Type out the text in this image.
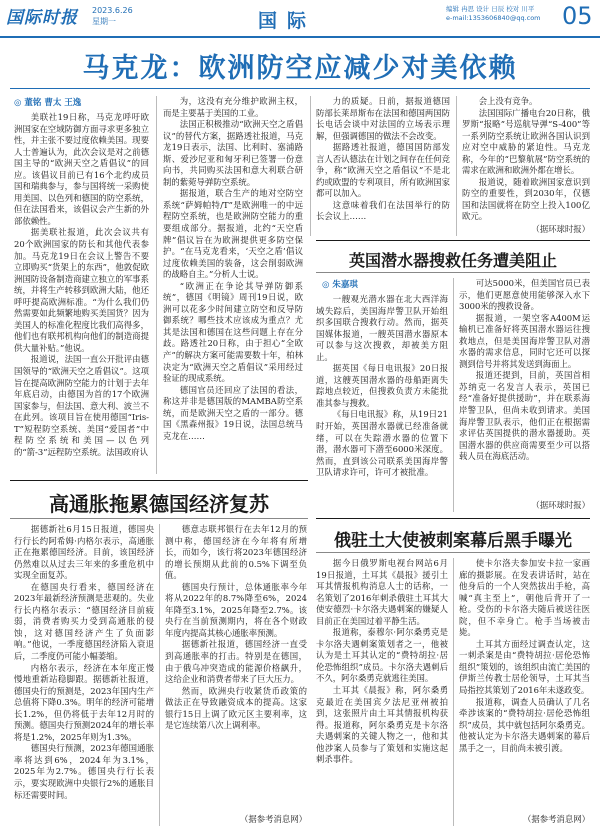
国际时报 2023.6.26
星期一	国际
编辑 冉思 设计 日辰 校对 川平
e-mail:1353606840@qq.com 05
马克龙：欧洲防空应减少对美依赖
◎ 董铭 曹太 王逸

美联社19日称，马克龙呼吁欧洲国家在空域防御方面寻求更多独立性，并主张不要过度依赖美国。现要人士普遍认为，此次会议是对之前德国主导的“欧洲天空之盾倡议”的回应。该倡议目前已有16个北约成员国和瑞典参与，参与国将统一采购使用美国、以色列和德国的防空系统，但在法国看来，该倡议会产生新的外部依赖性。

据美联社报道，此次会议共有20个欧洲国家的防长和其他代表参加。马克龙19日在会议上警告不要立即购买“货架上的东西”，他敦促欧洲国防设备制造商建立独立的军事系统，并将生产转移到欧洲大陆，他还呼吁提高欧洲标准。“为什么我们仍然需要如此频繁地购买美国货？因为美国人的标准化程度比我们高得多，他们也有联邦机构向他们的制造商提供大量补贴。”他说。

报道说，法国一直公开批评由德国领导的“欧洲天空之盾倡议”。这项旨在提高欧洲防空能力的计划于去年年底启动，由德国为首的17个欧洲国家参与，但法国、意大利、波兰不在此列。该项目旨在使用德国“Iris-T”短程防空系统、美国“爱国者”中程防空系统和美国—以色列的“箭-3”远程防空系统。法国政府认

为，这没有充分维护欧洲主权，而是主要基于美国的工业。

法国正积极推动“欧洲天空之盾倡议”的替代方案，据路透社报道，马克龙19日表示，法国、比利时、塞浦路斯、爱沙尼亚和匈牙利已签署一份意向书，共同购买法国和意大利联合研制的紫菀导弹防空系统。

据报道，联合生产的地对空防空系统“萨姆帕特/T”是欧洲唯一的中远程防空系统，也是欧洲防空能力的重要组成部分。据报道，北约“天空盾牌”倡议旨在为欧洲提供更多防空保护。“在马克龙看来，‘天空之盾’倡议过度依赖美国的装备，这会削弱欧洲的战略自主。”分析人士说。

“欧洲正在争论其导弹防御系统”，德国《明镜》周刊19日说，欧洲可以花多少时间建立防空和反导防御系统？哪些技术应该成为重点？尤其是法国和德国在这些问题上存在分歧。路透社20日称，由于担心“全欧产”的解决方案可能需要数十年，柏林决定为“欧洲天空之盾倡议”采用经过验证的现成系统。

德国官员还回应了法国的看法，称这并非是德国版的MAMBA防空系统，而是欧洲天空之盾的一部分。德国《黑森州报》19日说，法国总统马克龙在……

力的质疑。日前，据报道德国防部长莱昂斯布在法国和德国两国防长电话会谈中对法国的立场表示理解，但强调德国的做法不会改变。

据路透社报道，德国国防部发言人否认德法在计划之间存在任何竞争，称“欧洲天空之盾倡议”不是北约或欧盟的专利项目，所有欧洲国家都可以加入。

这意味着我们在法国举行的防长会议上……

会上没有竞争。

法国国际广播电台20日称，俄罗斯“报略”号巡航导弹“S-400”等一系列防空系统让欧洲各国认识到应对空中威胁的紧迫性。马克龙称，今年的“巴黎航展”防空系统的需求在欧洲和欧洲外都在增长。

报道说，随着欧洲国家意识到防空的重要性，到2030年，仅德国和法国就将在防空上投入100亿欧元。

（据环球时报）
英国潜水器搜救任务遭美阻止
◎ 朱嘉琪

一艘观光潜水器在北大西洋海域失踪后，美国海岸警卫队开始组织多国联合搜救行动。然而，据英国媒体报道，一艘英国潜水器原本可以参与这次搜救，却被美方阻止。

据英国《每日电讯报》20日报道，这艘英国潜水器的母船距离失踪地点较近，但搜救负责方未能批准其参与搜救。

《每日电讯报》称，从19日21时开始，英国潜水器就已经准备就绪，可以在失踪潜水器的位置下潜，潜水器可下潜至6000米深度。然而，直到该公司联系美国海岸警卫队请求许可，许可才被批准。

可达5000米，但美国官员已表示，他们更愿意使用能够深入水下3000米的搜救设备。

据报道，一架空客A400M运输机已准备好将英国潜水器运往搜救地点，但是美国海岸警卫队对潜水器的需求信息，同时它还可以探测到信号并将其发送到海面上。

报道还提到，目前，英国首相苏纳克一名发言人表示，英国已经“准备好提供援助”，并在联系海岸警卫队，但尚未收到请求。美国海岸警卫队表示，他们正在根据需求评估英国提供的潜水器援助。英国潜水器的供应商需要至少可以搭载人员在海底活动。

（据环球时报）
高通胀拖累德国经济复苏

据德新社6月15日报道，德国央行行长约阿希姆·内格尔表示，高通胀正在拖累德国经济。目前，该国经济仍然难以从过去三年来的多重危机中实现全面复苏。

在德国央行看来，德国经济在2023年最新经济预测是悲观的。失业行长内格尔表示：“德国经济目前疲弱，消费者购买力受到高通胀的侵蚀，这对德国经济产生了负面影响。”他说，一季度德国经济陷入衰退后，二季度仍可能小幅萎缩。

内格尔表示，经济在本年度正慢慢地重新站稳脚跟。据德新社报道，德国央行的预测是，2023年国内生产总值将下降0.3%。明年的经济可能增长1.2%，但仍将低于去年12月时的预测。德国央行预测2024年的增长率将是1.2%，2025年则为1.3%。

德国央行预测，2023年德国通胀率将达到6%，2024年为3.1%，2025年为2.7%。德国央行行长表示，要实现欧洲中央银行2%的通胀目标还需要时间。

德意志联邦银行在去年12月的预测中称，德国经济在今年将有所增长，而如今，该行将2023年德国经济的增长预期从此前的0.5%下调至负值。

德国央行预计，总体通胀率今年将从2022年的8.7%降至6%，2024年降至3.1%，2025年降至2.7%。该央行在当前预测期内，将在各个财政年度内提高其核心通胀率预测。

据德新社报道，德国经济一直受到高通胀率的打击。特别是在德国，由于俄乌冲突造成的能源价格飙升，这给企业和消费者带来了巨大压力。

然而，欧洲央行收紧货币政策的做法正在导致融资成本的提高。这家银行15日上调了欧元区主要利率，这是它连续第八次上调利率。

（据参考消息网）
俄驻土大使被刺案幕后黑手曝光

据今日俄罗斯电视台网站6月19日报道，土耳其《晨报》援引土耳其情报机构消息人士的话称，一名策划了2016年刺杀俄驻土耳其大使安德烈·卡尔洛夫遇刺案的嫌疑人目前正在美国过着平静生活。

报道称，泰穆尔·阿尔桑勇克是卡尔洛夫遇刺案策划者之一，他被认为是土耳其认定的“费特胡拉·居伦恐怖组织”成员。卡尔洛夫遇刺后不久，阿尔桑勇克就逃往美国。

土耳其《晨报》称，阿尔桑勇克最近在美国宾夕法尼亚州被拍到，这张照片由土耳其情报机构获得。报道称，阿尔桑勇克是卡尔洛夫遇刺案的关键人物之一，他和其他涉案人员参与了策划和实施这起刺杀事件。

使卡尔洛夫参加安卡拉一家画廊的摄影展。在发表讲话时，站在他身后的一个人突然拔出手枪，高喊“真主至上”，朝他后背开了一枪。受伤的卡尔洛夫随后被送往医院，但不幸身亡。枪手当场被击毙。

土耳其方面经过调查认定，这一刺杀案是由“费特胡拉·居伦恐怖组织”策划的，该组织由流亡美国的伊斯兰传教士居伦领导，土耳其当局指控其策划了2016年未遂政变。

报道称，调查人员确认了几名牵涉该案的“费特胡拉·居伦恐怖组织”成员，其中就包括阿尔桑勇克。他被认定为卡尔洛夫遇刺案的幕后黑手之一，目前尚未被引渡。

（据参考消息网）
